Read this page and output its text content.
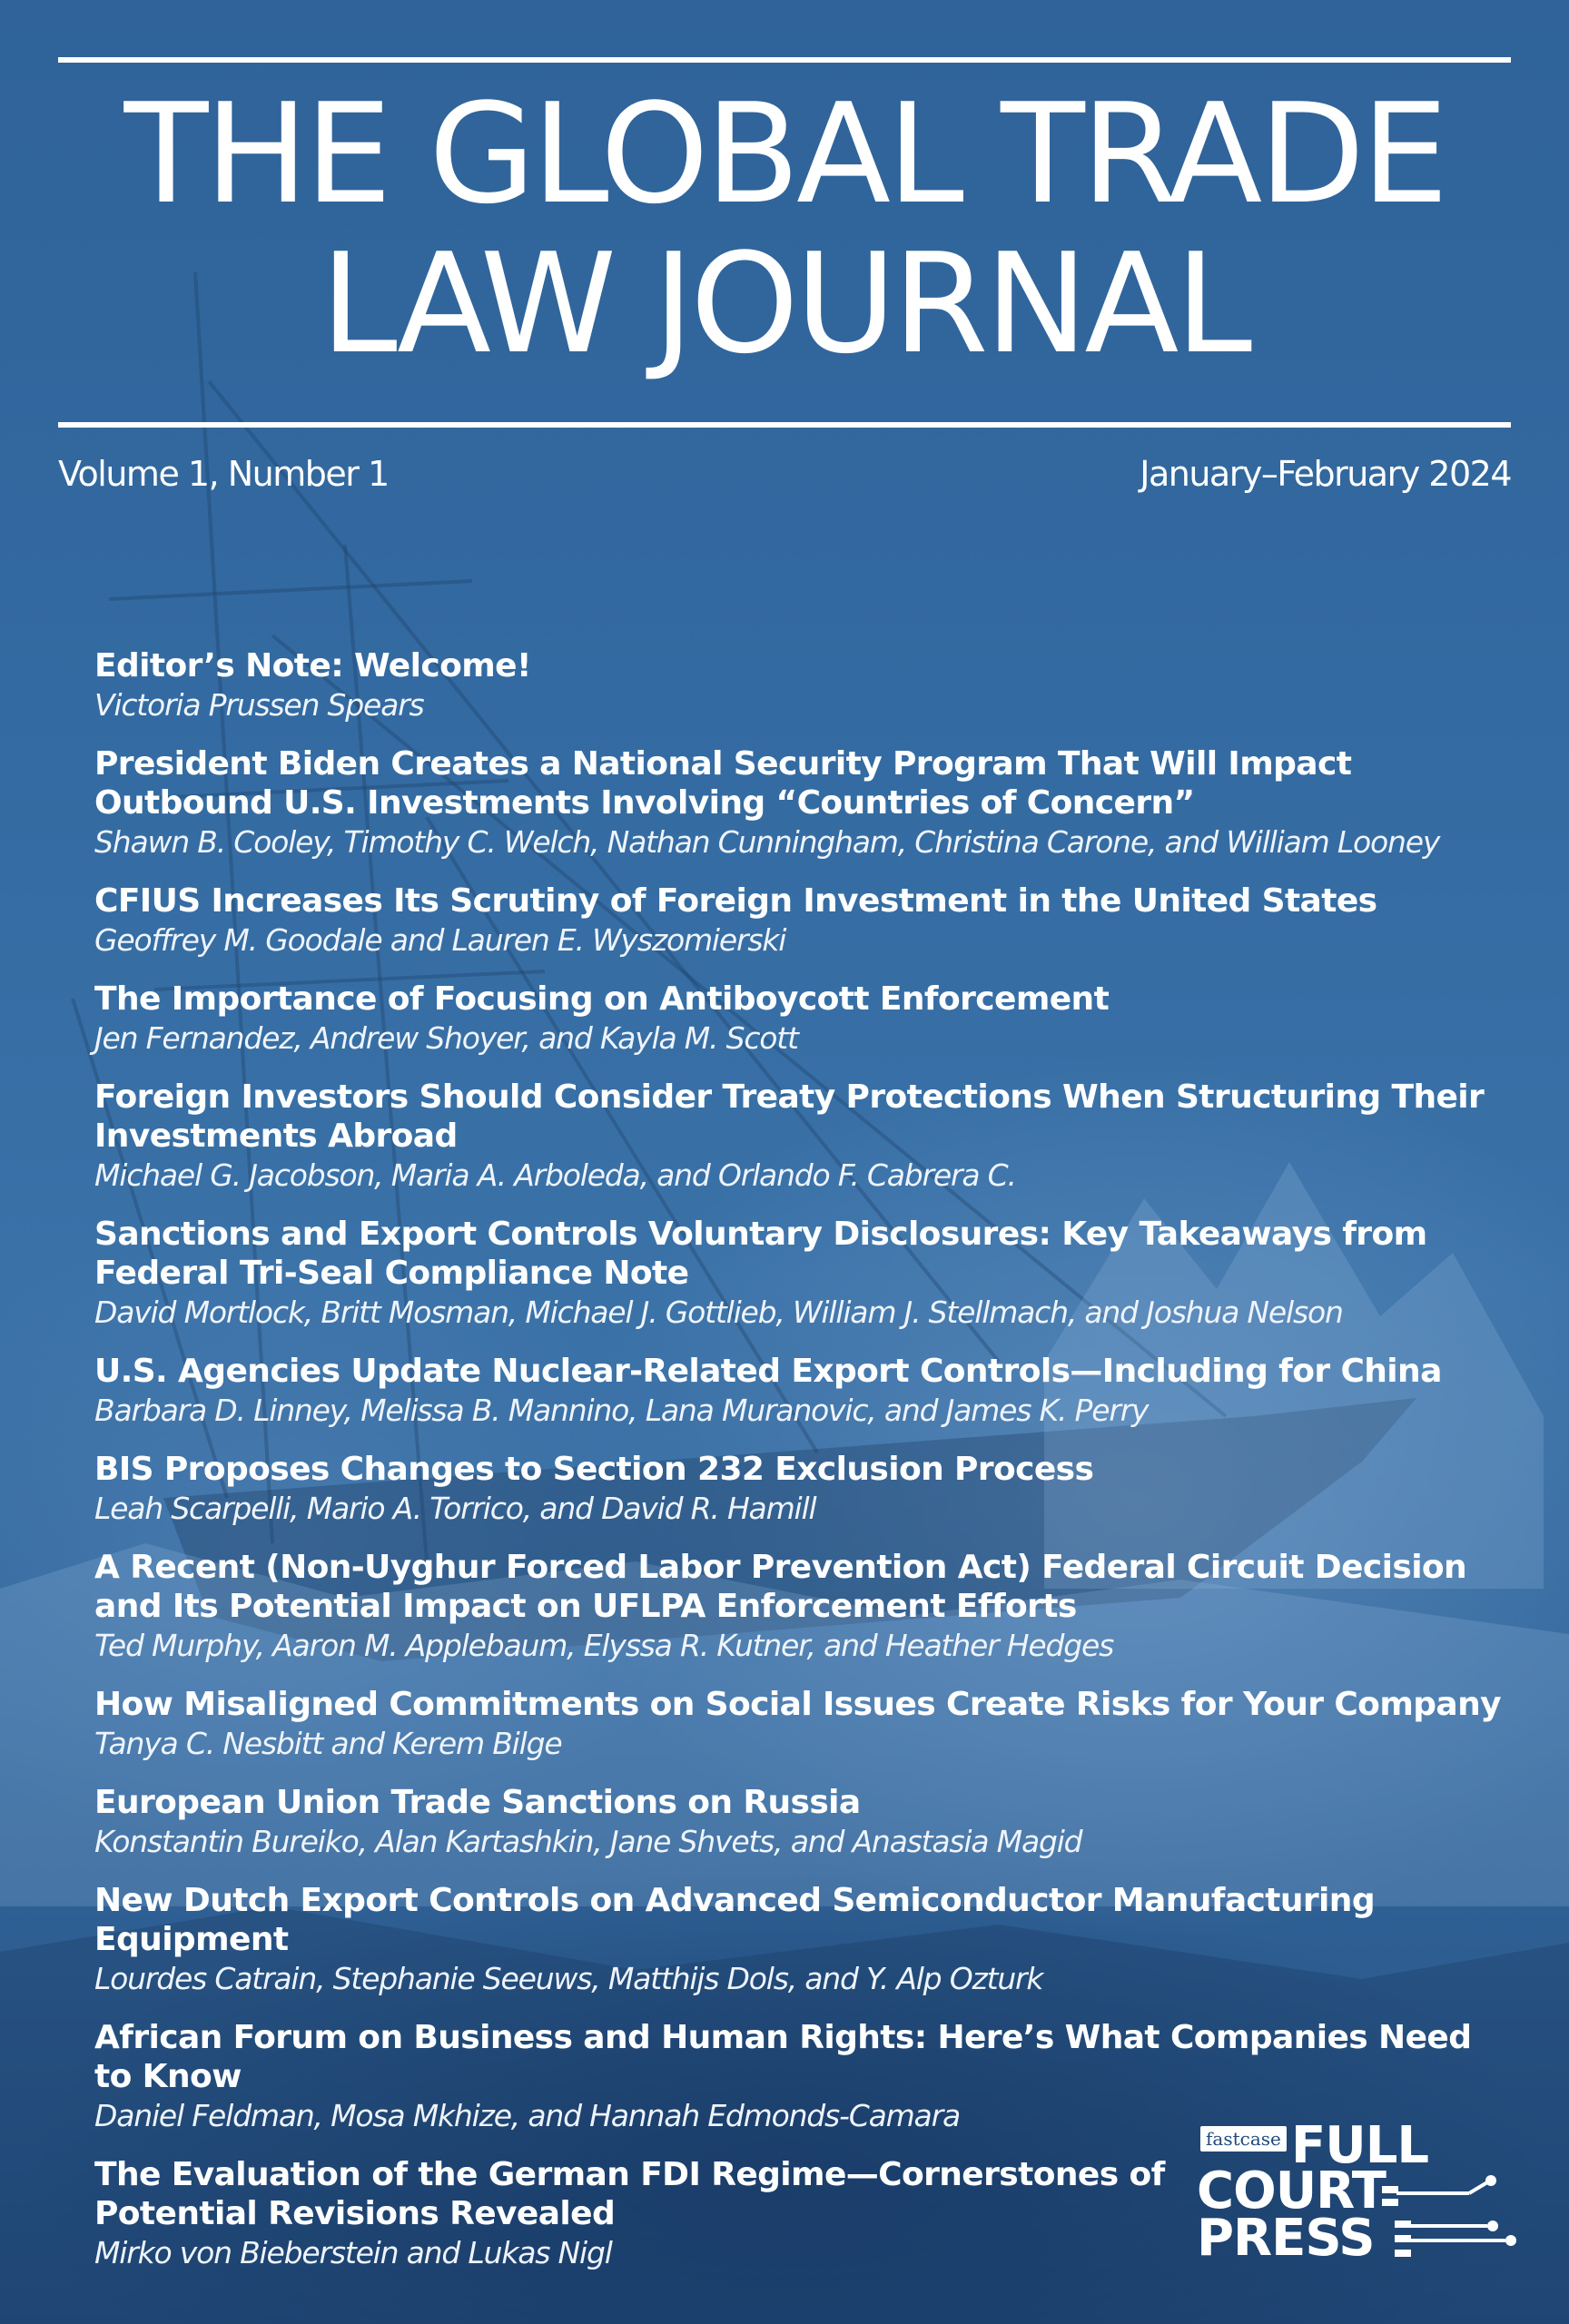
THE GLOBAL TRADE
LAW JOURNAL
Volume 1, Number 1	January–February 2024
Editor’s Note: Welcome!
Victoria Prussen Spears
President Biden Creates a National Security Program That Will Impact Outbound U.S. Investments Involving “Countries of Concern”
Shawn B. Cooley, Timothy C. Welch, Nathan Cunningham, Christina Carone, and William Looney
CFIUS Increases Its Scrutiny of Foreign Investment in the United States
Geoffrey M. Goodale and Lauren E. Wyszomierski
The Importance of Focusing on Antiboycott Enforcement
Jen Fernandez, Andrew Shoyer, and Kayla M. Scott
Foreign Investors Should Consider Treaty Protections When Structuring Their Investments Abroad
Michael G. Jacobson, Maria A. Arboleda, and Orlando F. Cabrera C.
Sanctions and Export Controls Voluntary Disclosures: Key Takeaways from Federal Tri-Seal Compliance Note
David Mortlock, Britt Mosman, Michael J. Gottlieb, William J. Stellmach, and Joshua Nelson
U.S. Agencies Update Nuclear-Related Export Controls—Including for China
Barbara D. Linney, Melissa B. Mannino, Lana Muranovic, and James K. Perry
BIS Proposes Changes to Section 232 Exclusion Process
Leah Scarpelli, Mario A. Torrico, and David R. Hamill
A Recent (Non-Uyghur Forced Labor Prevention Act) Federal Circuit Decision and Its Potential Impact on UFLPA Enforcement Efforts
Ted Murphy, Aaron M. Applebaum, Elyssa R. Kutner, and Heather Hedges
How Misaligned Commitments on Social Issues Create Risks for Your Company
Tanya C. Nesbitt and Kerem Bilge
European Union Trade Sanctions on Russia
Konstantin Bureiko, Alan Kartashkin, Jane Shvets, and Anastasia Magid
New Dutch Export Controls on Advanced Semiconductor Manufacturing Equipment
Lourdes Catrain, Stephanie Seeuws, Matthijs Dols, and Y. Alp Ozturk
African Forum on Business and Human Rights: Here’s What Companies Need to Know
Daniel Feldman, Mosa Mkhize, and Hannah Edmonds-Camara
The Evaluation of the German FDI Regime—Cornerstones of Potential Revisions Revealed
Mirko von Bieberstein and Lukas Nigl
fastcase FULL
COURT
PRESS
